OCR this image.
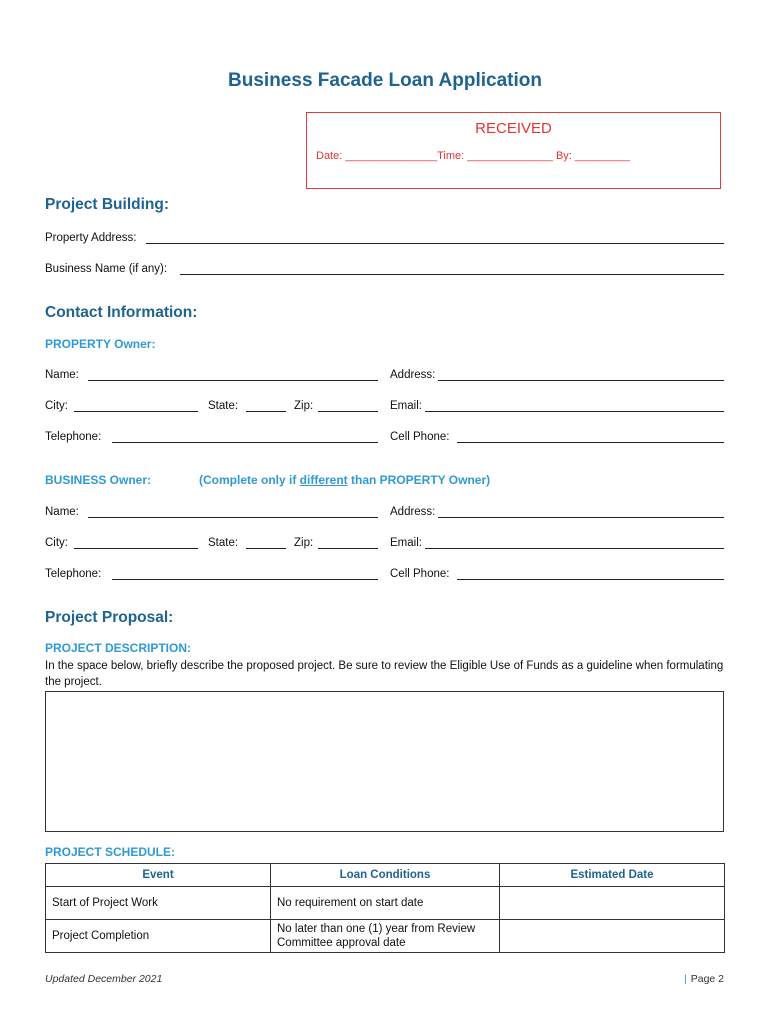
Business Facade Loan Application
RECEIVED
Date: _______________Time: ______________ By: _________
Project Building:
Property Address:
Business Name (if any):
Contact Information:
PROPERTY Owner:
Name:	Address:
City:	State:	Zip:	Email:
Telephone:	Cell Phone:
BUSINESS Owner:	(Complete only if different than PROPERTY Owner)
Name:	Address:
City:	State:	Zip:	Email:
Telephone:	Cell Phone:
Project Proposal:
PROJECT DESCRIPTION:
In the space below, briefly describe the proposed project. Be sure to review the Eligible Use of Funds as a guideline when formulating the project.
PROJECT SCHEDULE:
Event	Loan Conditions	Estimated Date
Start of Project Work	No requirement on start date	
Project Completion	No later than one (1) year from Review Committee approval date	
Updated December 2021	| Page 2
